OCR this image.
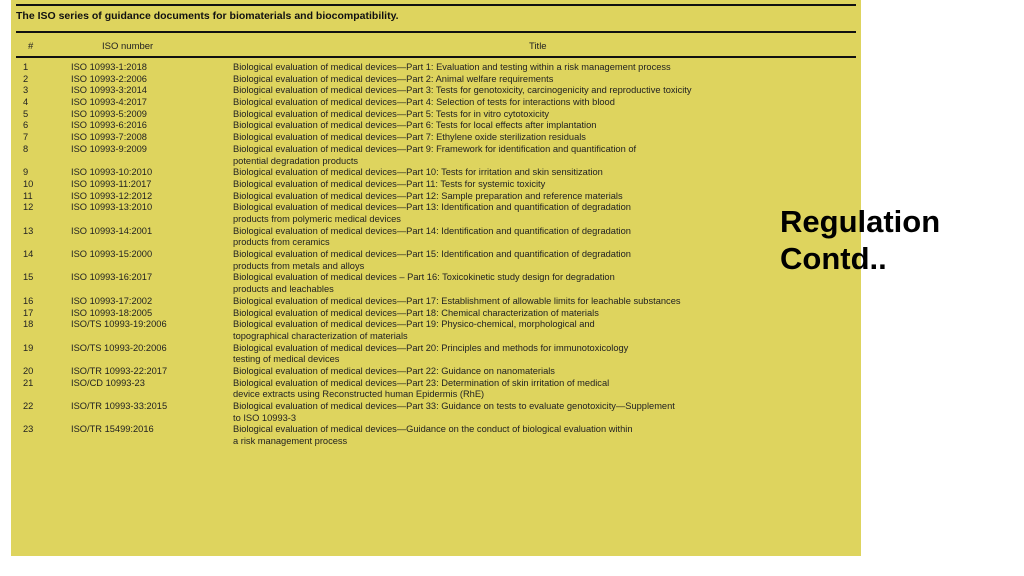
The ISO series of guidance documents for biomaterials and biocompatibility.
#	ISO number	Title
1	ISO 10993-1:2018	Biological evaluation of medical devices—Part 1: Evaluation and testing within a risk management process
2	ISO 10993-2:2006	Biological evaluation of medical devices—Part 2: Animal welfare requirements
3	ISO 10993-3:2014	Biological evaluation of medical devices—Part 3: Tests for genotoxicity, carcinogenicity and reproductive toxicity
4	ISO 10993-4:2017	Biological evaluation of medical devices—Part 4: Selection of tests for interactions with blood
5	ISO 10993-5:2009	Biological evaluation of medical devices—Part 5: Tests for in vitro cytotoxicity
6	ISO 10993-6:2016	Biological evaluation of medical devices—Part 6: Tests for local effects after implantation
7	ISO 10993-7:2008	Biological evaluation of medical devices—Part 7: Ethylene oxide sterilization residuals
8	ISO 10993-9:2009	Biological evaluation of medical devices—Part 9: Framework for identification and quantification of
potential degradation products
9	ISO 10993-10:2010	Biological evaluation of medical devices—Part 10: Tests for irritation and skin sensitization
10	ISO 10993-11:2017	Biological evaluation of medical devices—Part 11: Tests for systemic toxicity
11	ISO 10993-12:2012	Biological evaluation of medical devices—Part 12: Sample preparation and reference materials
12	ISO 10993-13:2010	Biological evaluation of medical devices—Part 13: Identification and quantification of degradation
products from polymeric medical devices
13	ISO 10993-14:2001	Biological evaluation of medical devices—Part 14: Identification and quantification of degradation
products from ceramics
14	ISO 10993-15:2000	Biological evaluation of medical devices—Part 15: Identification and quantification of degradation
products from metals and alloys
15	ISO 10993-16:2017	Biological evaluation of medical devices – Part 16: Toxicokinetic study design for degradation
products and leachables
16	ISO 10993-17:2002	Biological evaluation of medical devices—Part 17: Establishment of allowable limits for leachable substances
17	ISO 10993-18:2005	Biological evaluation of medical devices—Part 18: Chemical characterization of materials
18	ISO/TS 10993-19:2006	Biological evaluation of medical devices—Part 19: Physico-chemical, morphological and
topographical characterization of materials
19	ISO/TS 10993-20:2006	Biological evaluation of medical devices—Part 20: Principles and methods for immunotoxicology
testing of medical devices
20	ISO/TR 10993-22:2017	Biological evaluation of medical devices—Part 22: Guidance on nanomaterials
21	ISO/CD 10993-23	Biological evaluation of medical devices—Part 23: Determination of skin irritation of medical
device extracts using Reconstructed human Epidermis (RhE)
22	ISO/TR 10993-33:2015	Biological evaluation of medical devices—Part 33: Guidance on tests to evaluate genotoxicity—Supplement
to ISO 10993-3
23	ISO/TR 15499:2016	Biological evaluation of medical devices—Guidance on the conduct of biological evaluation within
a risk management process
Regulation
Contd..
